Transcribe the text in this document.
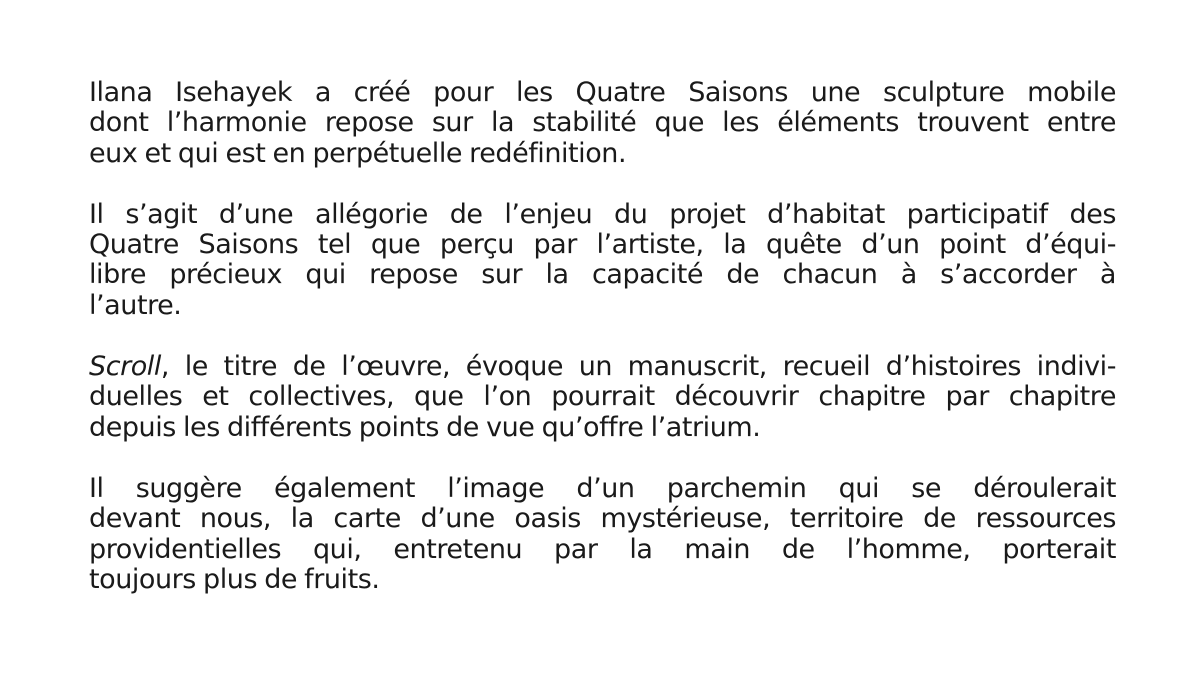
Ilana Isehayek a créé pour les Quatre Saisons une sculpture mobile
dont l’harmonie repose sur la stabilité que les éléments trouvent entre
eux et qui est en perpétuelle redéfinition.

Il s’agit d’une allégorie de l’enjeu du projet d’habitat participatif des
Quatre Saisons tel que perçu par l’artiste, la quête d’un point d’équi-
libre précieux qui repose sur la capacité de chacun à s’accorder à
l’autre.

Scroll, le titre de l’œuvre, évoque un manuscrit, recueil d’histoires indivi-
duelles et collectives, que l’on pourrait découvrir chapitre par chapitre
depuis les différents points de vue qu’offre l’atrium.

Il suggère également l’image d’un parchemin qui se déroulerait
devant nous, la carte d’une oasis mystérieuse, territoire de ressources
providentielles qui, entretenu par la main de l’homme, porterait
toujours plus de fruits.
